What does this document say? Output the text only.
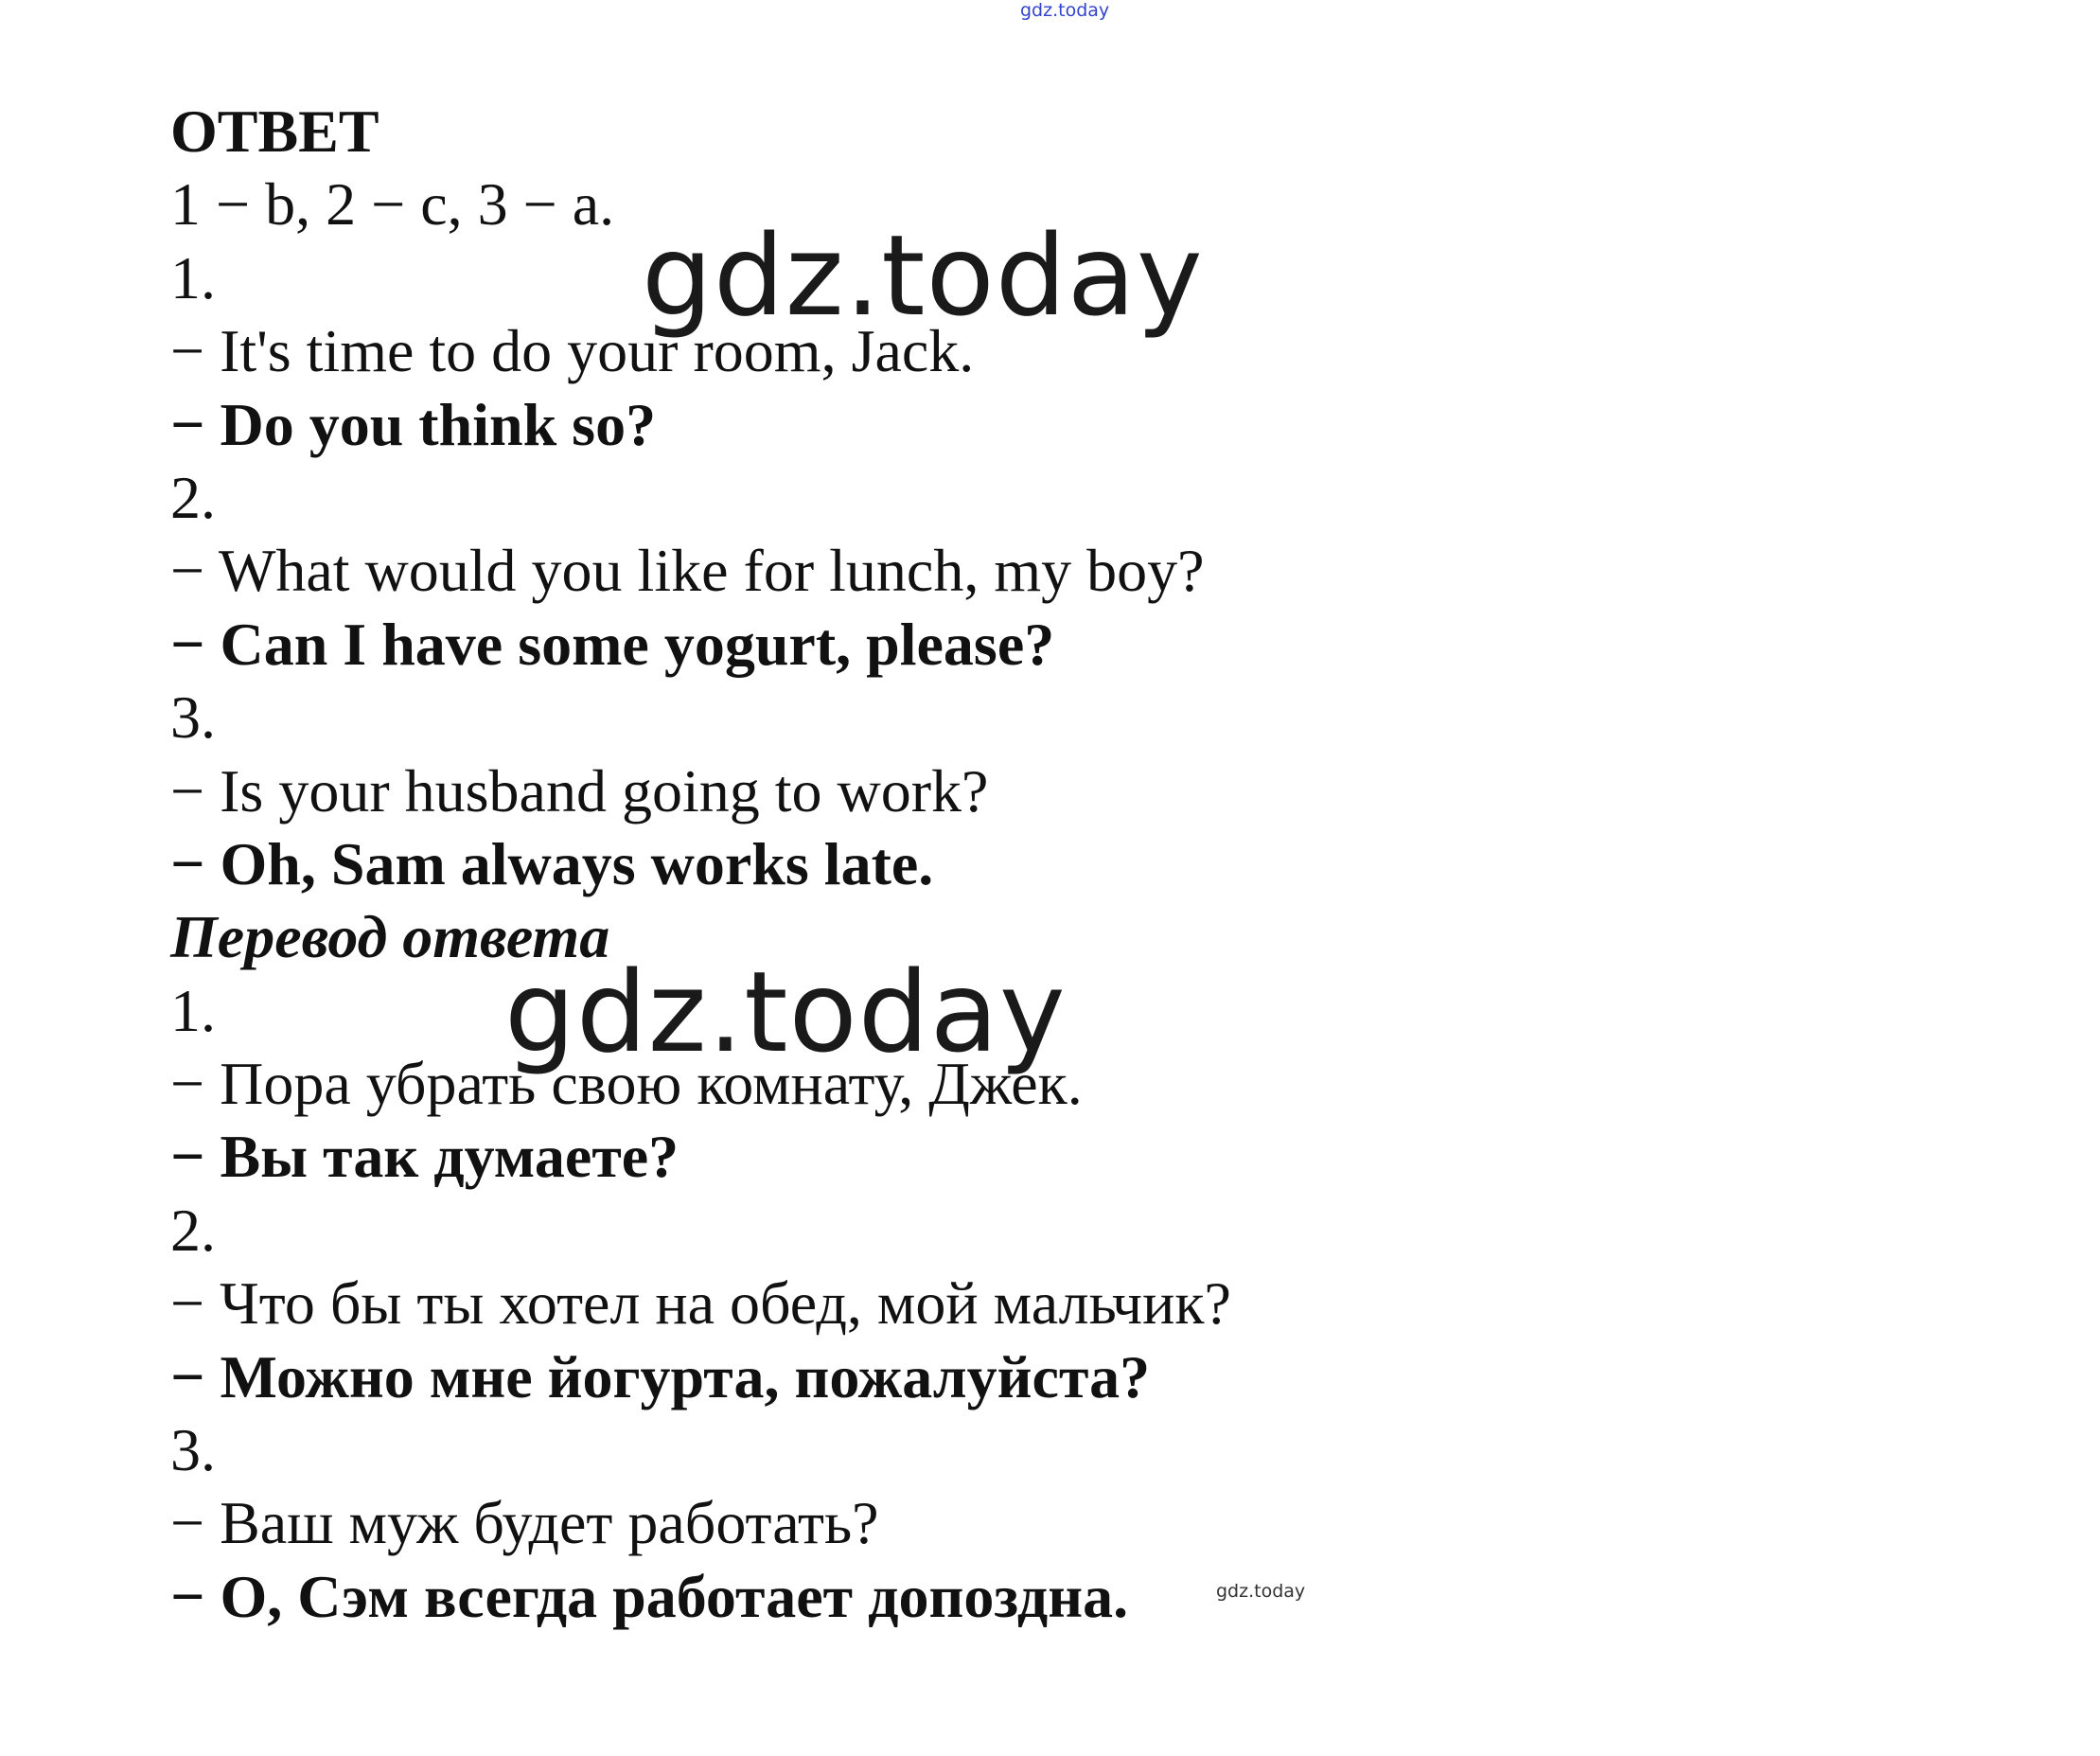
gdz.today
ОТВЕТ
1 − b, 2 − c, 3 − a.
1.
− It's time to do your room, Jack.
− Do you think so?
2.
− What would you like for lunch, my boy?
− Can I have some yogurt, please?
3.
− Is your husband going to work?
− Oh, Sam always works late.
Перевод ответа
1.
− Пора убрать свою комнату, Джек.
− Вы так думаете?
2.
− Что бы ты хотел на обед, мой мальчик?
− Можно мне йогурта, пожалуйста?
3.
− Ваш муж будет работать?
− О, Сэм всегда работает допоздна.
gdz.today
gdz.today
gdz.today
